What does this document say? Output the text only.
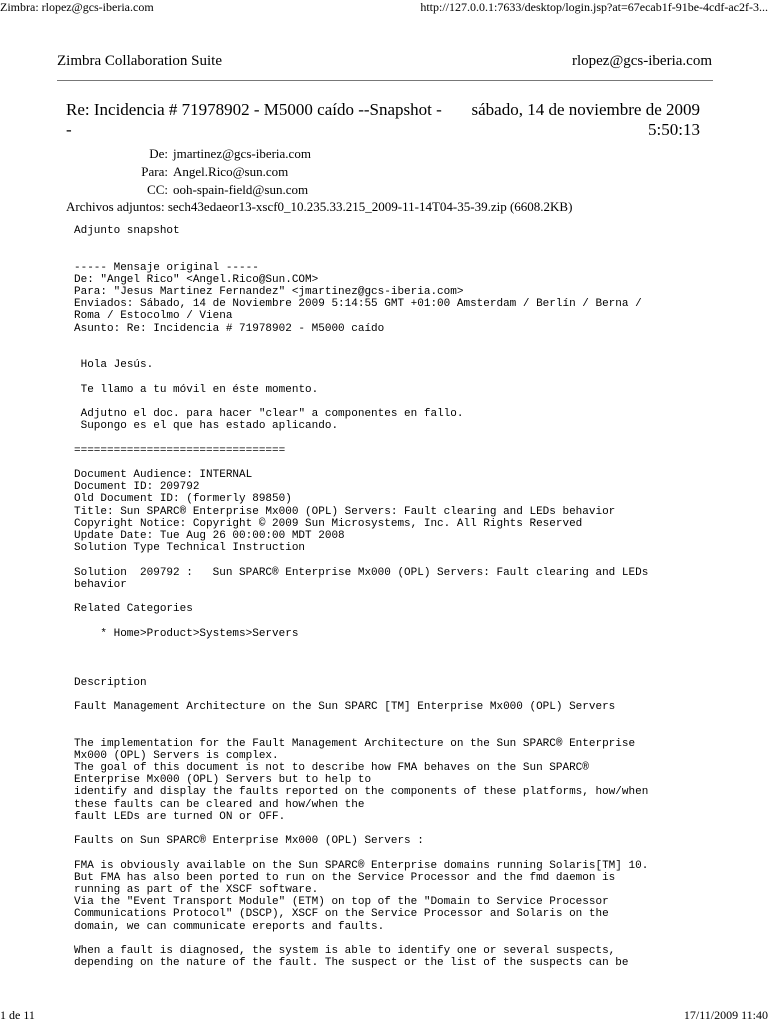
Zimbra: rlopez@gcs-iberia.com	http://127.0.0.1:7633/desktop/login.jsp?at=67ecab1f-91be-4cdf-ac2f-3...
Zimbra Collaboration Suite	rlopez@gcs-iberia.com
Re: Incidencia # 71978902 - M5000 caído --Snapshot --
sábado, 14 de noviembre de 2009
5:50:13
De: jmartinez@gcs-iberia.com
Para: Angel.Rico@sun.com
CC: ooh-spain-field@sun.com
Archivos adjuntos: sech43edaeor13-xscf0_10.235.33.215_2009-11-14T04-35-39.zip (6608.2KB)
Adjunto snapshot

----- Mensaje original -----
De: "Angel Rico" <Angel.Rico@Sun.COM>
Para: "Jesus Martinez Fernandez" <jmartinez@gcs-iberia.com>
Enviados: Sábado, 14 de Noviembre 2009 5:14:55 GMT +01:00 Amsterdam / Berlín / Berna /
Roma / Estocolmo / Viena
Asunto: Re: Incidencia # 71978902 - M5000 caído

Hola Jesús.

Te llamo a tu móvil en éste momento.

Adjutno el doc. para hacer "clear" a componentes en fallo.
Supongo es el que has estado aplicando.

================================

Document Audience: INTERNAL
Document ID: 209792
Old Document ID: (formerly 89850)
Title: Sun SPARC® Enterprise Mx000 (OPL) Servers: Fault clearing and LEDs behavior
Copyright Notice: Copyright © 2009 Sun Microsystems, Inc. All Rights Reserved
Update Date: Tue Aug 26 00:00:00 MDT 2008
Solution Type Technical Instruction

Solution  209792 :   Sun SPARC® Enterprise Mx000 (OPL) Servers: Fault clearing and LEDs
behavior

Related Categories

* Home>Product>Systems>Servers

Description

Fault Management Architecture on the Sun SPARC [TM] Enterprise Mx000 (OPL) Servers

The implementation for the Fault Management Architecture on the Sun SPARC® Enterprise
Mx000 (OPL) Servers is complex.
The goal of this document is not to describe how FMA behaves on the Sun SPARC®
Enterprise Mx000 (OPL) Servers but to help to
identify and display the faults reported on the components of these platforms, how/when
these faults can be cleared and how/when the
fault LEDs are turned ON or OFF.

Faults on Sun SPARC® Enterprise Mx000 (OPL) Servers :

FMA is obviously available on the Sun SPARC® Enterprise domains running Solaris[TM] 10.
But FMA has also been ported to run on the Service Processor and the fmd daemon is
running as part of the XSCF software.
Via the "Event Transport Module" (ETM) on top of the "Domain to Service Processor
Communications Protocol" (DSCP), XSCF on the Service Processor and Solaris on the
domain, we can communicate ereports and faults.

When a fault is diagnosed, the system is able to identify one or several suspects,
depending on the nature of the fault. The suspect or the list of the suspects can be
1 de 11	17/11/2009 11:40
